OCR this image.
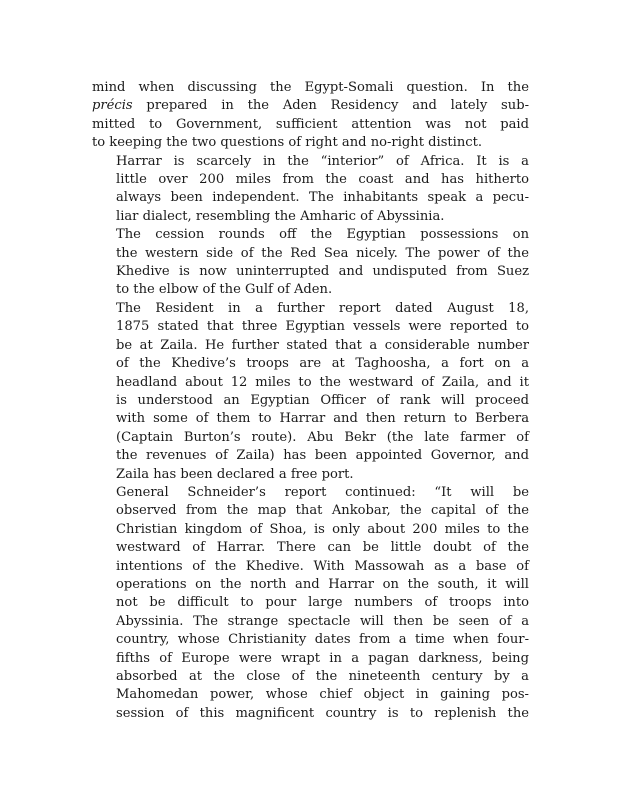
mind when discussing the Egypt-Somali question. In the
précis prepared in the Aden Residency and lately sub-
mitted to Government, sufficient attention was not paid
to keeping the two questions of right and no-right distinct.
Harrar is scarcely in the “interior” of Africa. It is a
little over 200 miles from the coast and has hitherto
always been independent. The inhabitants speak a pecu-
liar dialect, resembling the Amharic of Abyssinia.
The cession rounds off the Egyptian possessions on
the western side of the Red Sea nicely. The power of the
Khedive is now uninterrupted and undisputed from Suez
to the elbow of the Gulf of Aden.
The Resident in a further report dated August 18,
1875 stated that three Egyptian vessels were reported to
be at Zaila. He further stated that a considerable number
of the Khedive’s troops are at Taghoosha, a fort on a
headland about 12 miles to the westward of Zaila, and it
is understood an Egyptian Officer of rank will proceed
with some of them to Harrar and then return to Berbera
(Captain Burton’s route). Abu Bekr (the late farmer of
the revenues of Zaila) has been appointed Governor, and
Zaila has been declared a free port.
General Schneider’s report continued: “It will be
observed from the map that Ankobar, the capital of the
Christian kingdom of Shoa, is only about 200 miles to the
westward of Harrar. There can be little doubt of the
intentions of the Khedive. With Massowah as a base of
operations on the north and Harrar on the south, it will
not be difficult to pour large numbers of troops into
Abyssinia. The strange spectacle will then be seen of a
country, whose Christianity dates from a time when four-
fifths of Europe were wrapt in a pagan darkness, being
absorbed at the close of the nineteenth century by a
Mahomedan power, whose chief object in gaining pos-
session of this magnificent country is to replenish the
